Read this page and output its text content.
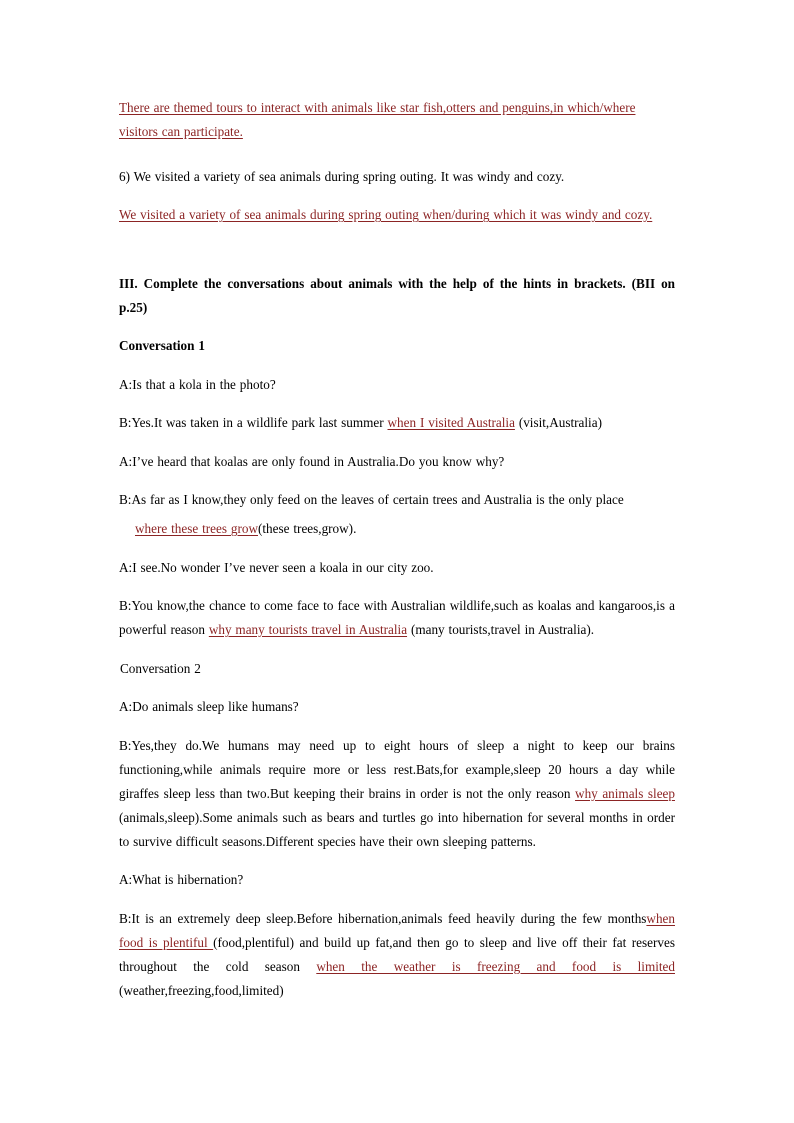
There are themed tours to interact with animals like star fish,otters and penguins,in which/where visitors can participate.

6) We visited a variety of sea animals during spring outing. It was windy and cozy.

We visited a variety of sea animals during spring outing when/during which it was windy and cozy.

III. Complete the conversations about animals with the help of the hints in brackets. (BII on p.25)

Conversation 1

A:Is that a kola in the photo?

B:Yes.It was taken in a wildlife park last summer when I visited Australia (visit,Australia)

A:I’ve heard that koalas are only found in Australia.Do you know why?

B:As far as I know,they only feed on the leaves of certain trees and Australia is the only place

where these trees grow(these trees,grow).

A:I see.No wonder I’ve never seen a koala in our city zoo.

B:You know,the chance to come face to face with Australian wildlife,such as koalas and kangaroos,is a powerful reason why many tourists travel in Australia (many tourists,travel in Australia).

Conversation 2

A:Do animals sleep like humans?

B:Yes,they do.We humans may need up to eight hours of sleep a night to keep our brains functioning,while animals require more or less rest.Bats,for example,sleep 20 hours a day while giraffes sleep less than two.But keeping their brains in order is not the only reason why animals sleep (animals,sleep).Some animals such as bears and turtles go into hibernation for several months in order to survive difficult seasons.Different species have their own sleeping patterns.

A:What is hibernation?

B:It is an extremely deep sleep.Before hibernation,animals feed heavily during the few monthswhen food is plentiful (food,plentiful) and build up fat,and then go to sleep and live off their fat reserves throughout the cold season when the weather is freezing and food is limited (weather,freezing,food,limited)
